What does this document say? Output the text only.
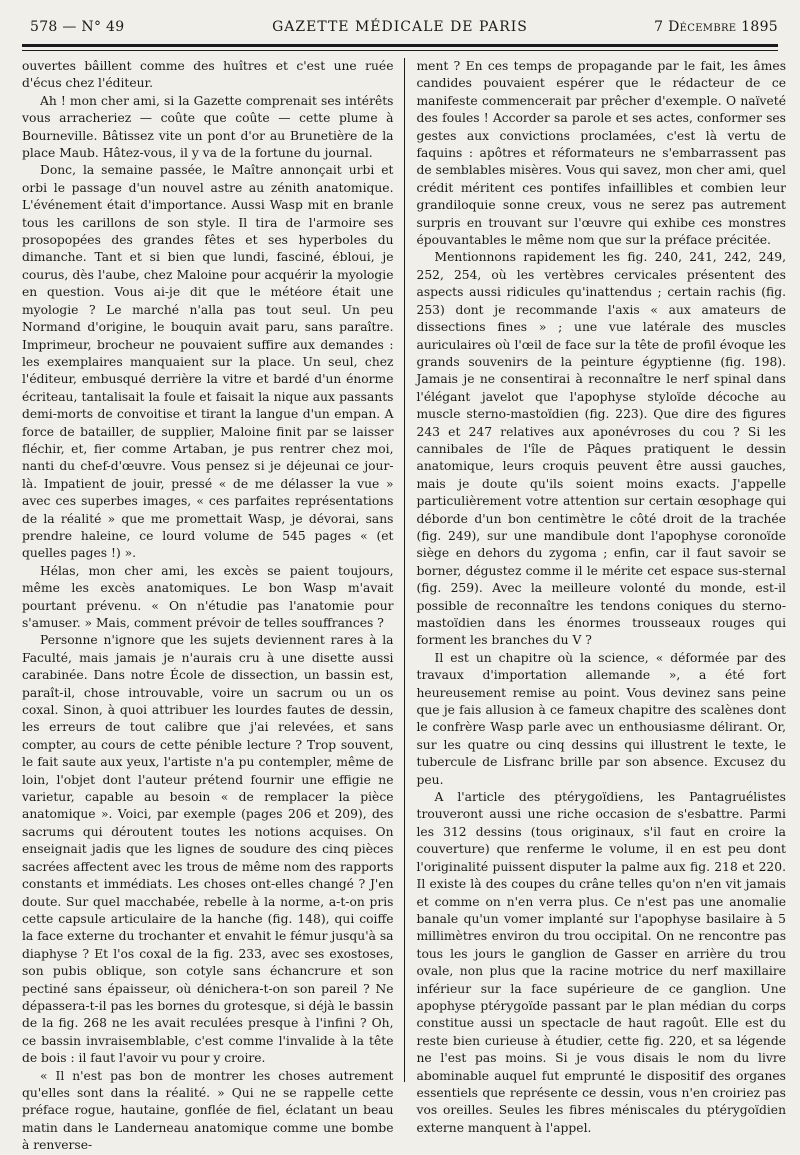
578 — N° 49	GAZETTE MÉDICALE DE PARIS	7 Décembre 1895

ouvertes bâillent comme des huîtres et c'est une ruée d'écus chez l'éditeur.

Ah ! mon cher ami, si la Gazette comprenait ses intérêts vous arracheriez — coûte que coûte — cette plume à Bourneville. Bâtissez vite un pont d'or au Brunetière de la place Maub. Hâtez-vous, il y va de la fortune du journal.

Donc, la semaine passée, le Maître annonçait urbi et orbi le passage d'un nouvel astre au zénith anatomique. L'événement était d'importance. Aussi Wasp mit en branle tous les carillons de son style. Il tira de l'armoire ses prosopopées des grandes fêtes et ses hyperboles du dimanche. Tant et si bien que lundi, fasciné, ébloui, je courus, dès l'aube, chez Maloine pour acquérir la myologie en question. Vous ai-je dit que le météore était une myologie ? Le marché n'alla pas tout seul. Un peu Normand d'origine, le bouquin avait paru, sans paraître. Imprimeur, brocheur ne pouvaient suffire aux demandes : les exemplaires manquaient sur la place. Un seul, chez l'éditeur, embusqué derrière la vitre et bardé d'un énorme écriteau, tantalisait la foule et faisait la nique aux passants demi-morts de convoitise et tirant la langue d'un empan. A force de batailler, de supplier, Maloine finit par se laisser fléchir, et, fier comme Artaban, je pus rentrer chez moi, nanti du chef-d'œuvre. Vous pensez si je déjeunai ce jour-là. Impatient de jouir, pressé « de me délasser la vue » avec ces superbes images, « ces parfaites représentations de la réalité » que me promettait Wasp, je dévorai, sans prendre haleine, ce lourd volume de 545 pages « (et quelles pages !) ».

Hélas, mon cher ami, les excès se paient toujours, même les excès anatomiques. Le bon Wasp m'avait pourtant prévenu. « On n'étudie pas l'anatomie pour s'amuser. » Mais, comment prévoir de telles souffrances ?

Personne n'ignore que les sujets deviennent rares à la Faculté, mais jamais je n'aurais cru à une disette aussi carabinée. Dans notre École de dissection, un bassin est, paraît-il, chose introuvable, voire un sacrum ou un os coxal. Sinon, à quoi attribuer les lourdes fautes de dessin, les erreurs de tout calibre que j'ai relevées, et sans compter, au cours de cette pénible lecture ? Trop souvent, le fait saute aux yeux, l'artiste n'a pu contempler, même de loin, l'objet dont l'auteur prétend fournir une effigie ne varietur, capable au besoin « de remplacer la pièce anatomique ». Voici, par exemple (pages 206 et 209), des sacrums qui déroutent toutes les notions acquises. On enseignait jadis que les lignes de soudure des cinq pièces sacrées affectent avec les trous de même nom des rapports constants et immédiats. Les choses ont-elles changé ? J'en doute. Sur quel macchabée, rebelle à la norme, a-t-on pris cette capsule articulaire de la hanche (fig. 148), qui coiffe la face externe du trochanter et envahit le fémur jusqu'à sa diaphyse ? Et l'os coxal de la fig. 233, avec ses exostoses, son pubis oblique, son cotyle sans échancrure et son pectiné sans épaisseur, où dénichera-t-on son pareil ? Ne dépassera-t-il pas les bornes du grotesque, si déjà le bassin de la fig. 268 ne les avait reculées presque à l'infini ? Oh, ce bassin invraisemblable, c'est comme l'invalide à la tête de bois : il faut l'avoir vu pour y croire.

« Il n'est pas bon de montrer les choses autrement qu'elles sont dans la réalité. » Qui ne se rappelle cette préface rogue, hautaine, gonflée de fiel, éclatant un beau matin dans le Landerneau anatomique comme une bombe à renverse-

ment ? En ces temps de propagande par le fait, les âmes candides pouvaient espérer que le rédacteur de ce manifeste commencerait par prêcher d'exemple. O naïveté des foules ! Accorder sa parole et ses actes, conformer ses gestes aux convictions proclamées, c'est là vertu de faquins : apôtres et réformateurs ne s'embarrassent pas de semblables misères. Vous qui savez, mon cher ami, quel crédit méritent ces pontifes infaillibles et combien leur grandiloquie sonne creux, vous ne serez pas autrement surpris en trouvant sur l'œuvre qui exhibe ces monstres épouvantables le même nom que sur la préface précitée.

Mentionnons rapidement les fig. 240, 241, 242, 249, 252, 254, où les vertèbres cervicales présentent des aspects aussi ridicules qu'inattendus ; certain rachis (fig. 253) dont je recommande l'axis « aux amateurs de dissections fines » ; une vue latérale des muscles auriculaires où l'œil de face sur la tête de profil évoque les grands souvenirs de la peinture égyptienne (fig. 198). Jamais je ne consentirai à reconnaître le nerf spinal dans l'élégant javelot que l'apophyse styloïde décoche au muscle sterno-mastoïdien (fig. 223). Que dire des figures 243 et 247 relatives aux aponévroses du cou ? Si les cannibales de l'île de Pâques pratiquent le dessin anatomique, leurs croquis peuvent être aussi gauches, mais je doute qu'ils soient moins exacts. J'appelle particulièrement votre attention sur certain œsophage qui déborde d'un bon centimètre le côté droit de la trachée (fig. 249), sur une mandibule dont l'apophyse coronoïde siège en dehors du zygoma ; enfin, car il faut savoir se borner, dégustez comme il le mérite cet espace sus-sternal (fig. 259). Avec la meilleure volonté du monde, est-il possible de reconnaître les tendons coniques du sterno-mastoïdien dans les énormes trousseaux rouges qui forment les branches du V ?

Il est un chapitre où la science, « déformée par des travaux d'importation allemande », a été fort heureusement remise au point. Vous devinez sans peine que je fais allusion à ce fameux chapitre des scalènes dont le confrère Wasp parle avec un enthousiasme délirant. Or, sur les quatre ou cinq dessins qui illustrent le texte, le tubercule de Lisfranc brille par son absence. Excusez du peu.

A l'article des ptérygoïdiens, les Pantagruélistes trouveront aussi une riche occasion de s'esbattre. Parmi les 312 dessins (tous originaux, s'il faut en croire la couverture) que renferme le volume, il en est peu dont l'originalité puissent disputer la palme aux fig. 218 et 220. Il existe là des coupes du crâne telles qu'on n'en vit jamais et comme on n'en verra plus. Ce n'est pas une anomalie banale qu'un vomer implanté sur l'apophyse basilaire à 5 millimètres environ du trou occipital. On ne rencontre pas tous les jours le ganglion de Gasser en arrière du trou ovale, non plus que la racine motrice du nerf maxillaire inférieur sur la face supérieure de ce ganglion. Une apophyse ptérygoïde passant par le plan médian du corps constitue aussi un spectacle de haut ragoût. Elle est du reste bien curieuse à étudier, cette fig. 220, et sa légende ne l'est pas moins. Si je vous disais le nom du livre abominable auquel fut emprunté le dispositif des organes essentiels que représente ce dessin, vous n'en croiriez pas vos oreilles. Seules les fibres méniscales du ptérygoïdien externe manquent à l'appel.
